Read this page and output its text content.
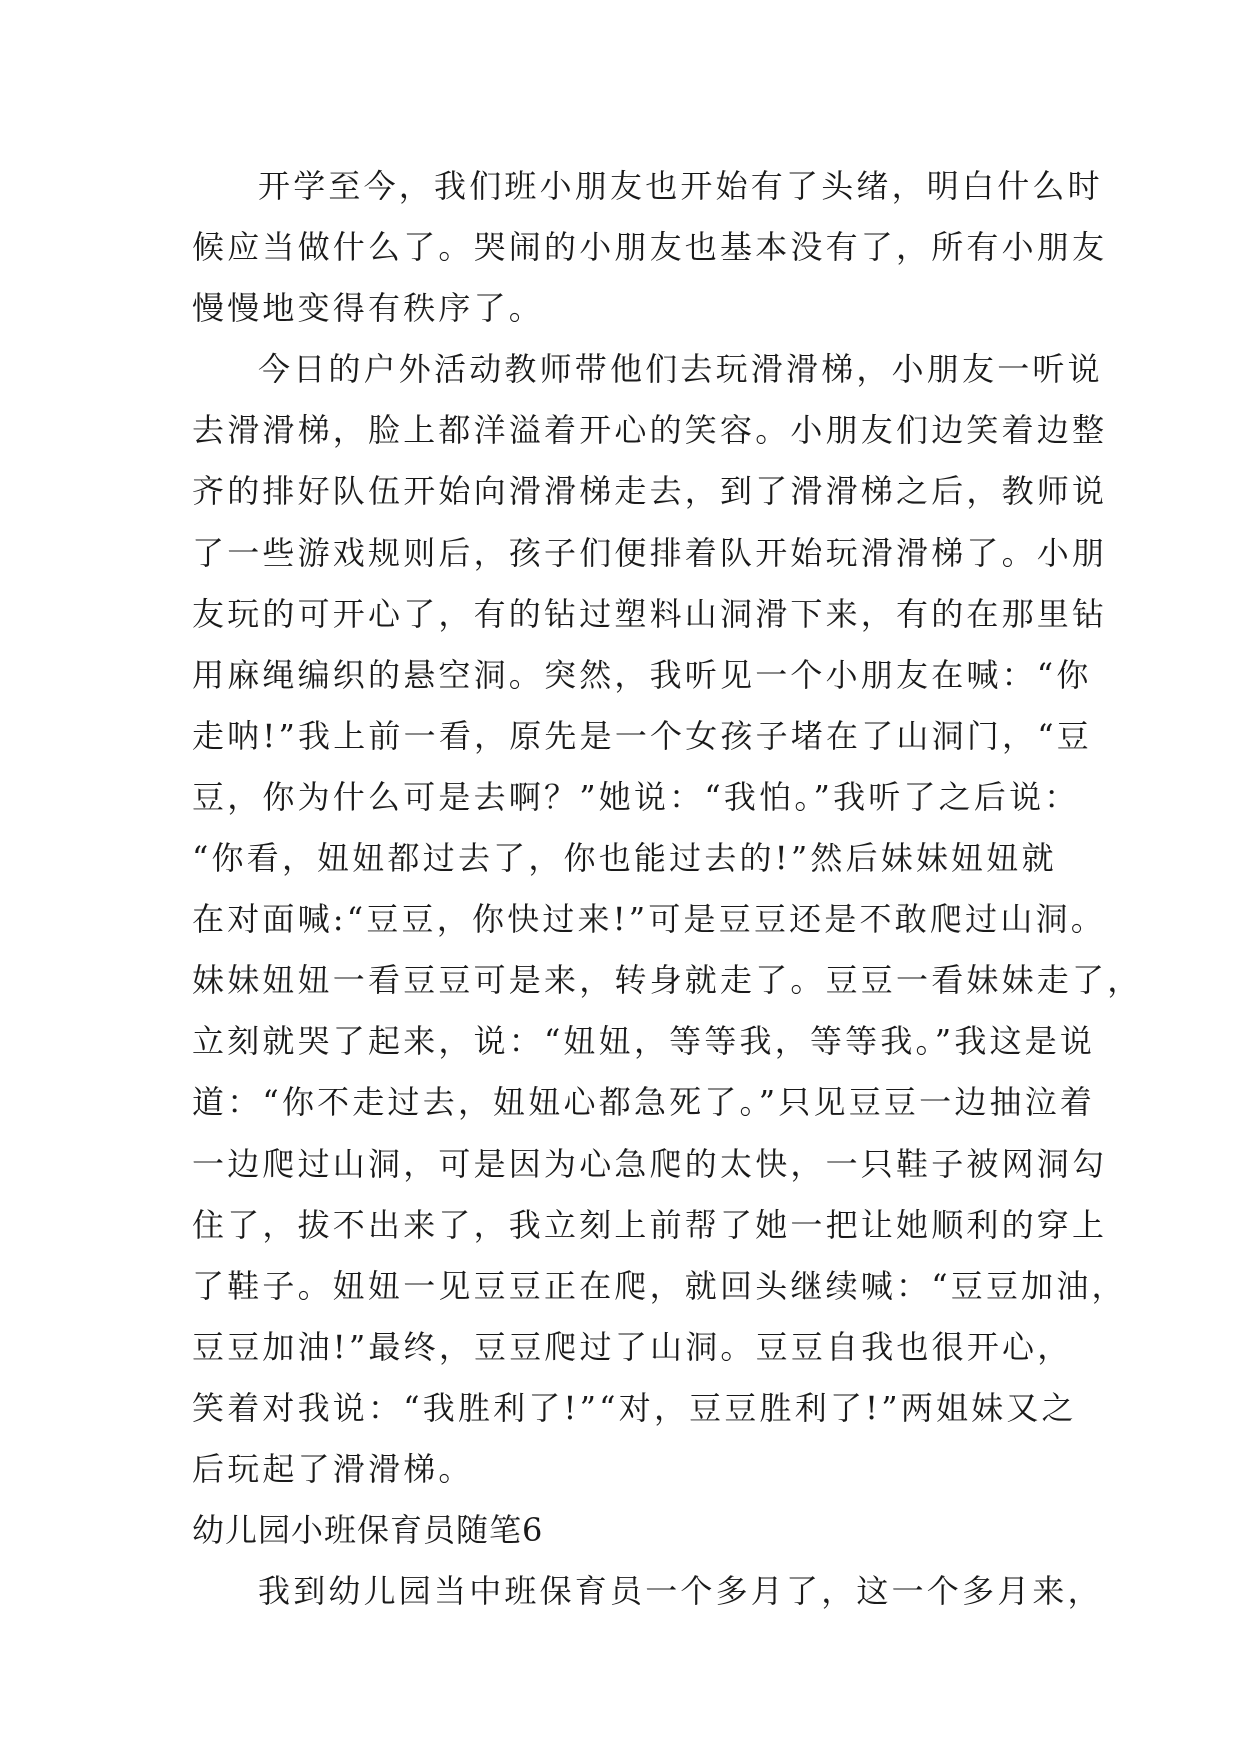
开学至今，我们班小朋友也开始有了头绪，明白什么时
候应当做什么了。哭闹的小朋友也基本没有了，所有小朋友
慢慢地变得有秩序了。
今日的户外活动教师带他们去玩滑滑梯，小朋友一听说
去滑滑梯，脸上都洋溢着开心的笑容。小朋友们边笑着边整
齐的排好队伍开始向滑滑梯走去，到了滑滑梯之后，教师说
了一些游戏规则后，孩子们便排着队开始玩滑滑梯了。小朋
友玩的可开心了，有的钻过塑料山洞滑下来，有的在那里钻
用麻绳编织的悬空洞。突然，我听见一个小朋友在喊：“你
走呐!”我上前一看，原先是一个女孩子堵在了山洞门，“豆
豆，你为什么可是去啊？”她说：“我怕。”我听了之后说：
“你看，妞妞都过去了，你也能过去的!”然后妹妹妞妞就
在对面喊:“豆豆，你快过来!”可是豆豆还是不敢爬过山洞。
妹妹妞妞一看豆豆可是来，转身就走了。豆豆一看妹妹走了，
立刻就哭了起来，说：“妞妞，等等我，等等我。”我这是说
道：“你不走过去，妞妞心都急死了。”只见豆豆一边抽泣着
一边爬过山洞，可是因为心急爬的太快，一只鞋子被网洞勾
住了，拔不出来了，我立刻上前帮了她一把让她顺利的穿上
了鞋子。妞妞一见豆豆正在爬，就回头继续喊：“豆豆加油，
豆豆加油!”最终，豆豆爬过了山洞。豆豆自我也很开心，
笑着对我说：“我胜利了!”“对，豆豆胜利了!”两姐妹又之
后玩起了滑滑梯。
幼儿园小班保育员随笔6
我到幼儿园当中班保育员一个多月了，这一个多月来，
